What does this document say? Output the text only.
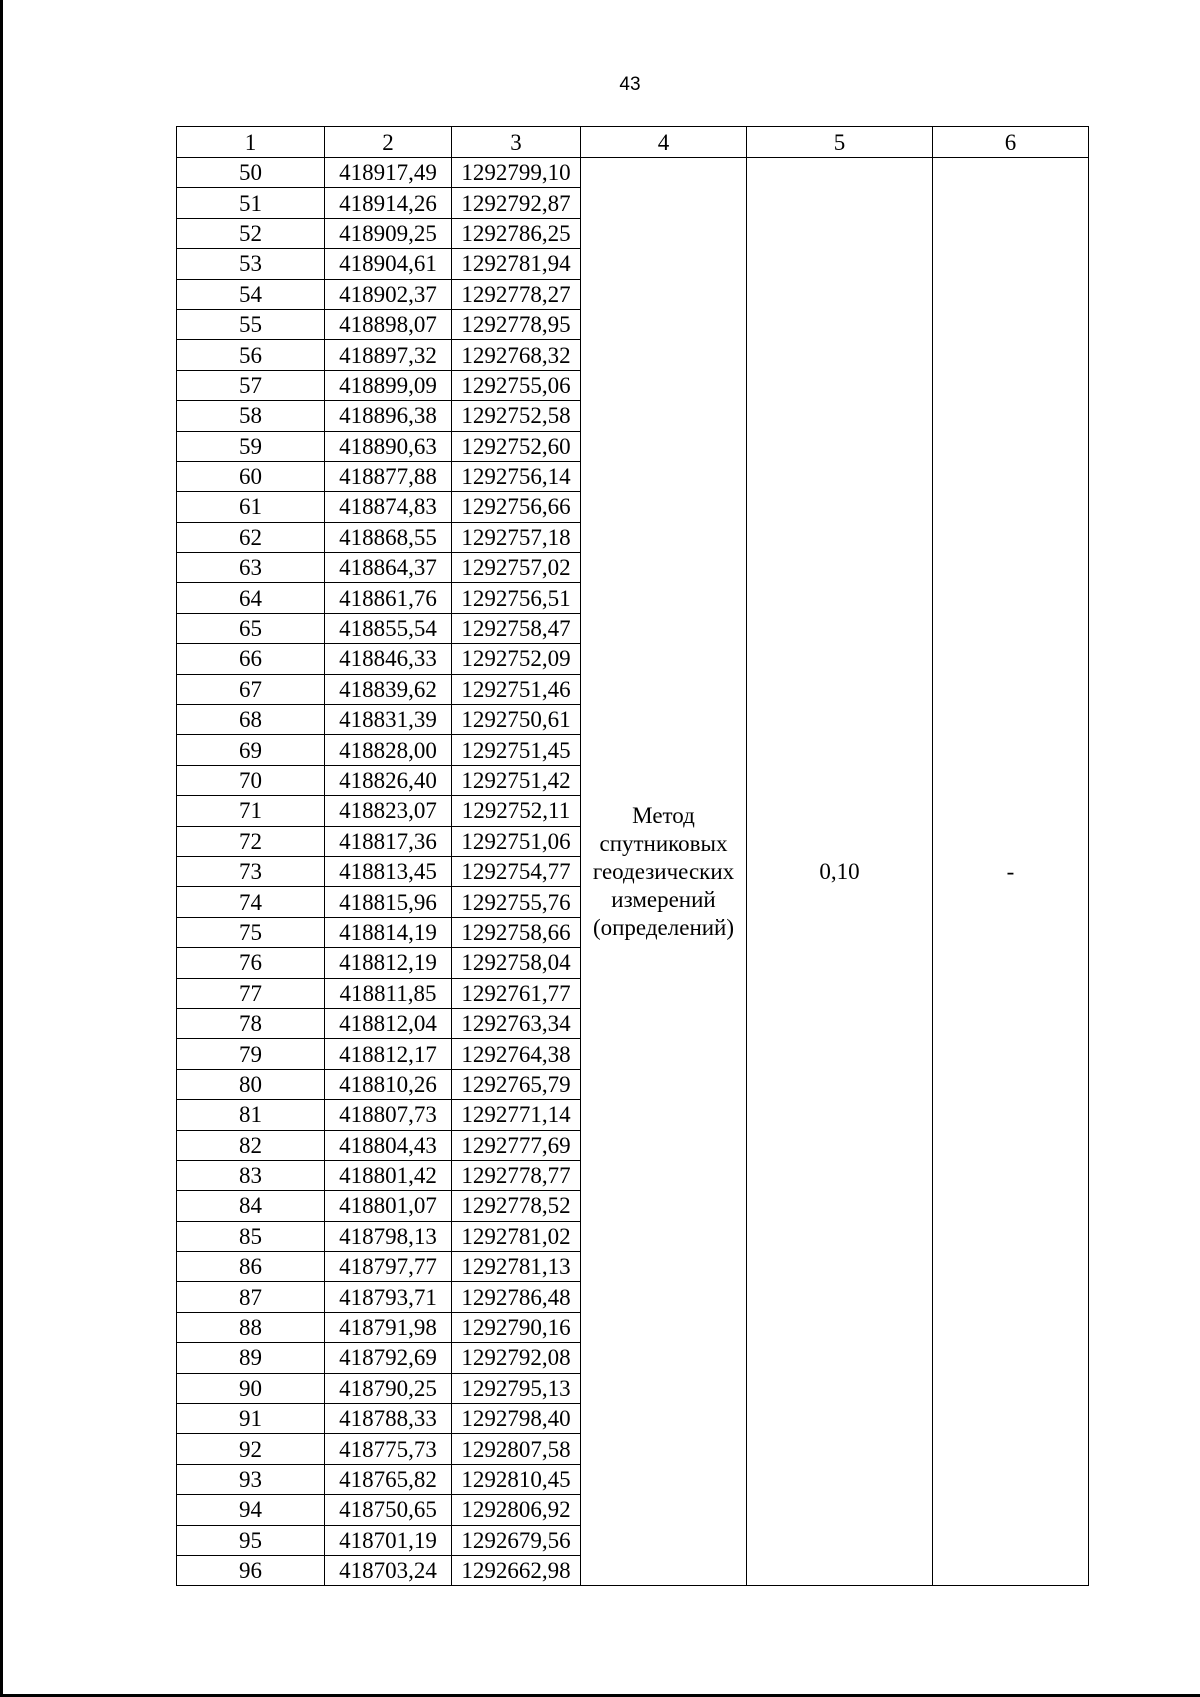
43
1	2	3	4	5	6
50	418917,49	1292799,10	Метод
спутниковых
геодезических
измерений
(определений)	0,10	-
51	418914,26	1292792,87			
52	418909,25	1292786,25			
53	418904,61	1292781,94			
54	418902,37	1292778,27			
55	418898,07	1292778,95			
56	418897,32	1292768,32			
57	418899,09	1292755,06			
58	418896,38	1292752,58			
59	418890,63	1292752,60			
60	418877,88	1292756,14			
61	418874,83	1292756,66			
62	418868,55	1292757,18			
63	418864,37	1292757,02			
64	418861,76	1292756,51			
65	418855,54	1292758,47			
66	418846,33	1292752,09			
67	418839,62	1292751,46			
68	418831,39	1292750,61			
69	418828,00	1292751,45			
70	418826,40	1292751,42			
71	418823,07	1292752,11			
72	418817,36	1292751,06			
73	418813,45	1292754,77			
74	418815,96	1292755,76			
75	418814,19	1292758,66			
76	418812,19	1292758,04			
77	418811,85	1292761,77			
78	418812,04	1292763,34			
79	418812,17	1292764,38			
80	418810,26	1292765,79			
81	418807,73	1292771,14			
82	418804,43	1292777,69			
83	418801,42	1292778,77			
84	418801,07	1292778,52			
85	418798,13	1292781,02			
86	418797,77	1292781,13			
87	418793,71	1292786,48			
88	418791,98	1292790,16			
89	418792,69	1292792,08			
90	418790,25	1292795,13			
91	418788,33	1292798,40			
92	418775,73	1292807,58			
93	418765,82	1292810,45			
94	418750,65	1292806,92			
95	418701,19	1292679,56			
96	418703,24	1292662,98			
